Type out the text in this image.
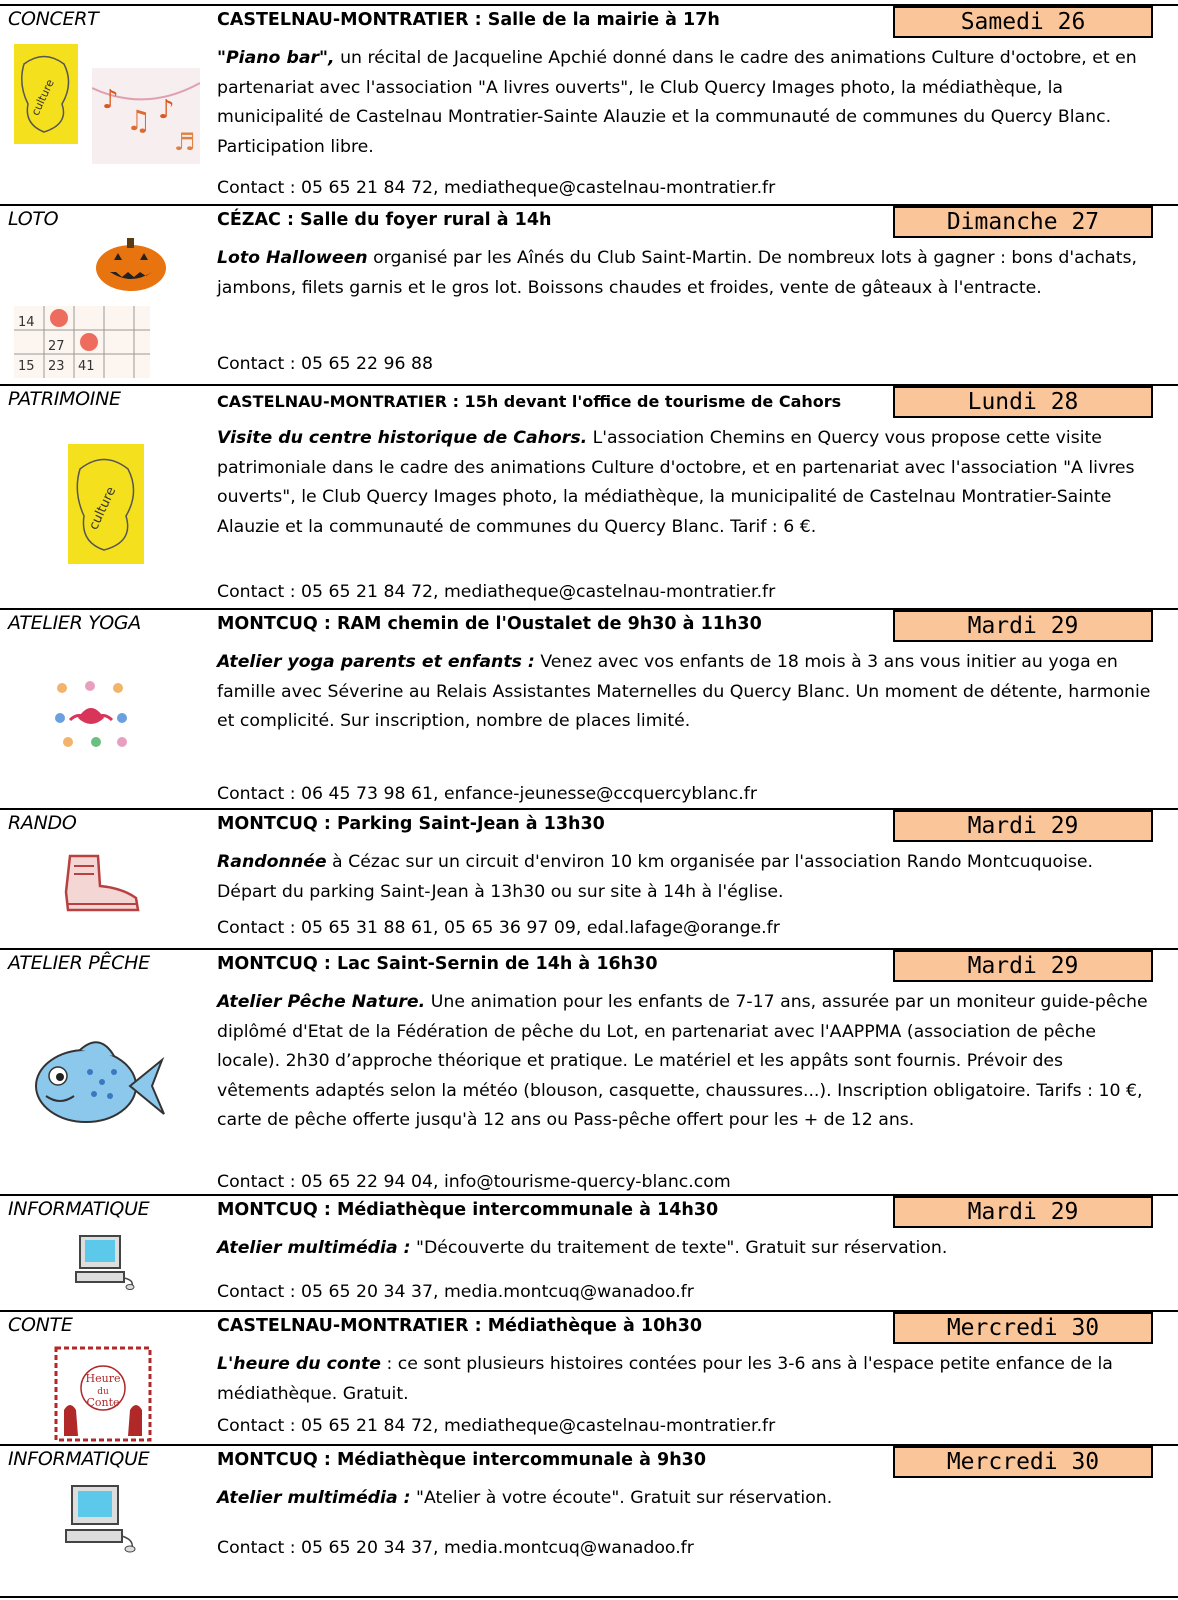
CONCERT	CASTELNAU-MONTRATIER : Salle de la mairie à 17h	Samedi 26
"Piano bar", un récital de Jacqueline Apchié donné dans le cadre des animations Culture d'octobre, et en partenariat avec l'association "A livres ouverts", le Club Quercy Images photo, la médiathèque, la municipalité de Castelnau Montratier-Sainte Alauzie et la communauté de communes du Quercy Blanc. Participation libre.
Contact : 05 65 21 84 72, mediatheque@castelnau-montratier.fr
culture ♪
♫ ♪
♬
LOTO	CÉZAC : Salle du foyer rural à 14h	Dimanche 27
Loto Halloween organisé par les Aînés du Club Saint-Martin. De nombreux lots à gagner : bons d'achats, jambons, filets garnis et le gros lot. Boissons chaudes et froides, vente de gâteaux à l'entracte.
Contact : 05 65 22 96 88
14
27
15 23 41
PATRIMOINE	CASTELNAU-MONTRATIER : 15h devant l'office de tourisme de Cahors	Lundi 28
Visite du centre historique de Cahors. L'association Chemins en Quercy vous propose cette visite patrimoniale dans le cadre des animations Culture d'octobre, et en partenariat avec l'association "A livres ouverts", le Club Quercy Images photo, la médiathèque, la municipalité de Castelnau Montratier-Sainte Alauzie et la communauté de communes du Quercy Blanc. Tarif : 6 €.
Contact : 05 65 21 84 72, mediatheque@castelnau-montratier.fr
culture
ATELIER YOGA	MONTCUQ : RAM chemin de l'Oustalet de 9h30 à 11h30	Mardi 29
Atelier yoga parents et enfants : Venez avec vos enfants de 18 mois à 3 ans vous initier au yoga en famille avec Séverine au Relais Assistantes Maternelles du Quercy Blanc. Un moment de détente, harmonie et complicité. Sur inscription, nombre de places limité.
Contact : 06 45 73 98 61, enfance-jeunesse@ccquercyblanc.fr
RANDO	MONTCUQ : Parking Saint-Jean à 13h30	Mardi 29
Randonnée à Cézac sur un circuit d'environ 10 km organisée par l'association Rando Montcuquoise. Départ du parking Saint-Jean à 13h30 ou sur site à 14h à l'église.
Contact : 05 65 31 88 61, 05 65 36 97 09, edal.lafage@orange.fr
ATELIER PÊCHE	MONTCUQ : Lac Saint-Sernin de 14h à 16h30	Mardi 29
Atelier Pêche Nature. Une animation pour les enfants de 7-17 ans, assurée par un moniteur guide-pêche diplômé d'Etat de la Fédération de pêche du Lot, en partenariat avec l'AAPPMA (association de pêche locale). 2h30 d’approche théorique et pratique. Le matériel et les appâts sont fournis. Prévoir des vêtements adaptés selon la météo (blouson, casquette, chaussures...). Inscription obligatoire. Tarifs : 10 €, carte de pêche offerte jusqu'à 12 ans ou Pass-pêche offert pour les + de 12 ans.
Contact : 05 65 22 94 04, info@tourisme-quercy-blanc.com
INFORMATIQUE	MONTCUQ : Médiathèque intercommunale à 14h30	Mardi 29
Atelier multimédia : "Découverte du traitement de texte". Gratuit sur réservation.
Contact : 05 65 20 34 37, media.montcuq@wanadoo.fr
CONTE	CASTELNAU-MONTRATIER : Médiathèque à 10h30	Mercredi 30
L'heure du conte : ce sont plusieurs histoires contées pour les 3-6 ans à l'espace petite enfance de la médiathèque. Gratuit.
Contact : 05 65 21 84 72, mediatheque@castelnau-montratier.fr
Heure
du
Conte
INFORMATIQUE	MONTCUQ : Médiathèque intercommunale à 9h30	Mercredi 30
Atelier multimédia : "Atelier à votre écoute". Gratuit sur réservation.
Contact : 05 65 20 34 37, media.montcuq@wanadoo.fr
